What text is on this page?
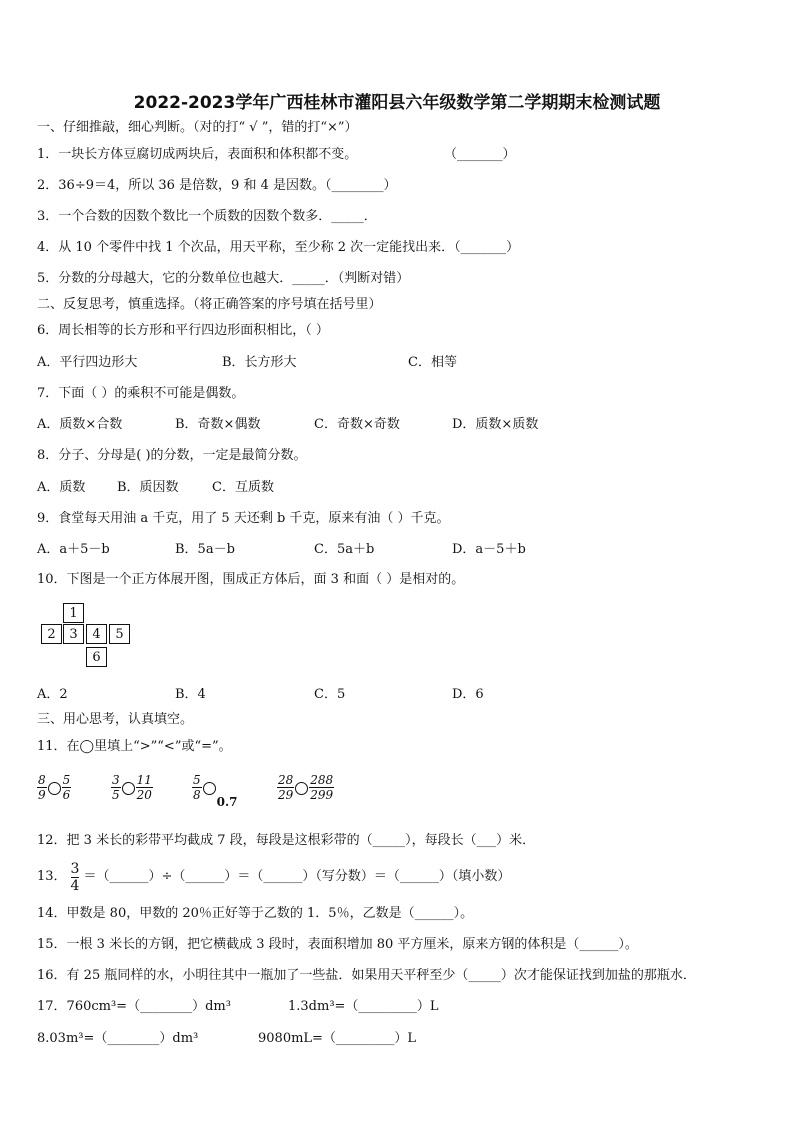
2022-2023学年广西桂林市灌阳县六年级数学第二学期期末检测试题
一、仔细推敲，细心判断。（对的打“ √ ”，错的打“×”）
1．一块长方体豆腐切成两块后，表面积和体积都不变。	（_______）
2．36÷9＝4，所以 36 是倍数，9 和 4 是因数。（________）
3．一个合数的因数个数比一个质数的因数个数多．_____．
4．从 10 个零件中找 1 个次品，用天平称，至少称 2 次一定能找出来．（_______）
5．分数的分母越大，它的分数单位也越大．_____．（判断对错）
二、反复思考，慎重选择。（将正确答案的序号填在括号里）
6．周长相等的长方形和平行四边形面积相比，（ ）
A．平行四边形大	B．长方形大	C．相等
7．下面（ ）的乘积不可能是偶数。
A．质数×合数	B．奇数×偶数	C．奇数×奇数	D．质数×质数
8．分子、分母是( )的分数，一定是最简分数。
A．质数 B．质因数	C．互质数
9．食堂每天用油 a 千克，用了 5 天还剩 b 千克，原来有油（ ）千克。
A．a＋5－b	B．5a－b	C．5a＋b	D．a－5＋b
10．下图是一个正方体展开图，围成正方体后，面 3 和面（ ）是相对的。
1
2	3	4	5
6
A．2	B．4	C．5	D．6
三、用心思考，认真填空。
11．在◯里填上“>”“<”或“=”。
$\frac{8}{9} \frac{5}{6}$	$\frac{3}{5} \frac{11}{20}$	$\frac{5}{8} 0.7$	$\frac{28}{29} \frac{288}{299}$
12．把 3 米长的彩带平均截成 7 段，每段是这根彩带的（_____），每段长（___）米．
13． $\frac{3}{4}$ ＝（______）÷（______）＝（______）（写分数）＝（______）（填小数）
14．甲数是 80，甲数的 20％正好等于乙数的 1．5％，乙数是（______）。
15．一根 3 米长的方钢，把它横截成 3 段时，表面积增加 80 平方厘米，原来方钢的体积是（______）。
16．有 25 瓶同样的水，小明往其中一瓶加了一些盐．如果用天平秤至少（_____）次才能保证找到加盐的那瓶水．
17．760cm³=（________）dm³	1.3dm³=（_________）L
8.03m³=（________）dm³	9080mL=（_________）L
